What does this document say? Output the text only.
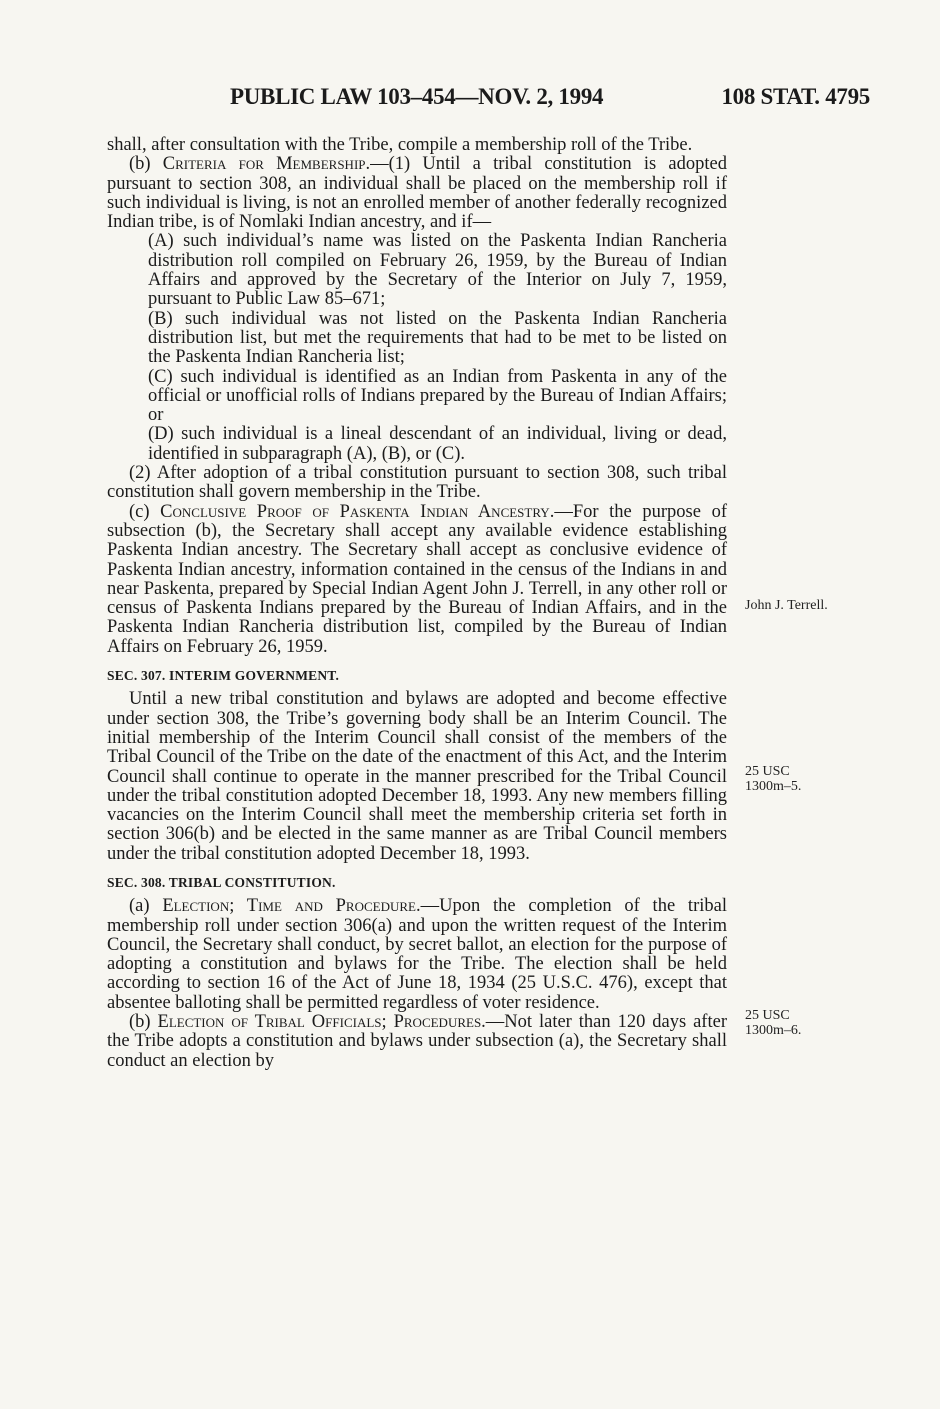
PUBLIC LAW 103–454—NOV. 2, 1994	108 STAT. 4795

shall, after consultation with the Tribe, compile a membership roll of the Tribe.

(b) Criteria for Membership.—(1) Until a tribal constitution is adopted pursuant to section 308, an individual shall be placed on the membership roll if such individual is living, is not an enrolled member of another federally recognized Indian tribe, is of Nomlaki Indian ancestry, and if—

(A) such individual’s name was listed on the Paskenta Indian Rancheria distribution roll compiled on February 26, 1959, by the Bureau of Indian Affairs and approved by the Secretary of the Interior on July 7, 1959, pursuant to Public Law 85–671;

(B) such individual was not listed on the Paskenta Indian Rancheria distribution list, but met the requirements that had to be met to be listed on the Paskenta Indian Rancheria list;

(C) such individual is identified as an Indian from Paskenta in any of the official or unofficial rolls of Indians prepared by the Bureau of Indian Affairs; or

(D) such individual is a lineal descendant of an individual, living or dead, identified in subparagraph (A), (B), or (C).

(2) After adoption of a tribal constitution pursuant to section 308, such tribal constitution shall govern membership in the Tribe.

(c) Conclusive Proof of Paskenta Indian Ancestry.—For the purpose of subsection (b), the Secretary shall accept any available evidence establishing Paskenta Indian ancestry. The Secretary shall accept as conclusive evidence of Paskenta Indian ancestry, information contained in the census of the Indians in and near Paskenta, prepared by Special Indian Agent John J. Terrell, in any other roll or census of Paskenta Indians prepared by the Bureau of Indian Affairs, and in the Paskenta Indian Rancheria distribution list, compiled by the Bureau of Indian Affairs on February 26, 1959.

SEC. 307. INTERIM GOVERNMENT.

Until a new tribal constitution and bylaws are adopted and become effective under section 308, the Tribe’s governing body shall be an Interim Council. The initial membership of the Interim Council shall consist of the members of the Tribal Council of the Tribe on the date of the enactment of this Act, and the Interim Council shall continue to operate in the manner prescribed for the Tribal Council under the tribal constitution adopted December 18, 1993. Any new members filling vacancies on the Interim Council shall meet the membership criteria set forth in section 306(b) and be elected in the same manner as are Tribal Council members under the tribal constitution adopted December 18, 1993.

SEC. 308. TRIBAL CONSTITUTION.

(a) Election; Time and Procedure.—Upon the completion of the tribal membership roll under section 306(a) and upon the written request of the Interim Council, the Secretary shall conduct, by secret ballot, an election for the purpose of adopting a constitution and bylaws for the Tribe. The election shall be held according to section 16 of the Act of June 18, 1934 (25 U.S.C. 476), except that absentee balloting shall be permitted regardless of voter residence.

(b) Election of Tribal Officials; Procedures.—Not later than 120 days after the Tribe adopts a constitution and bylaws under subsection (a), the Secretary shall conduct an election by

John J. Terrell.
25 USC
1300m–5.
25 USC
1300m–6.
